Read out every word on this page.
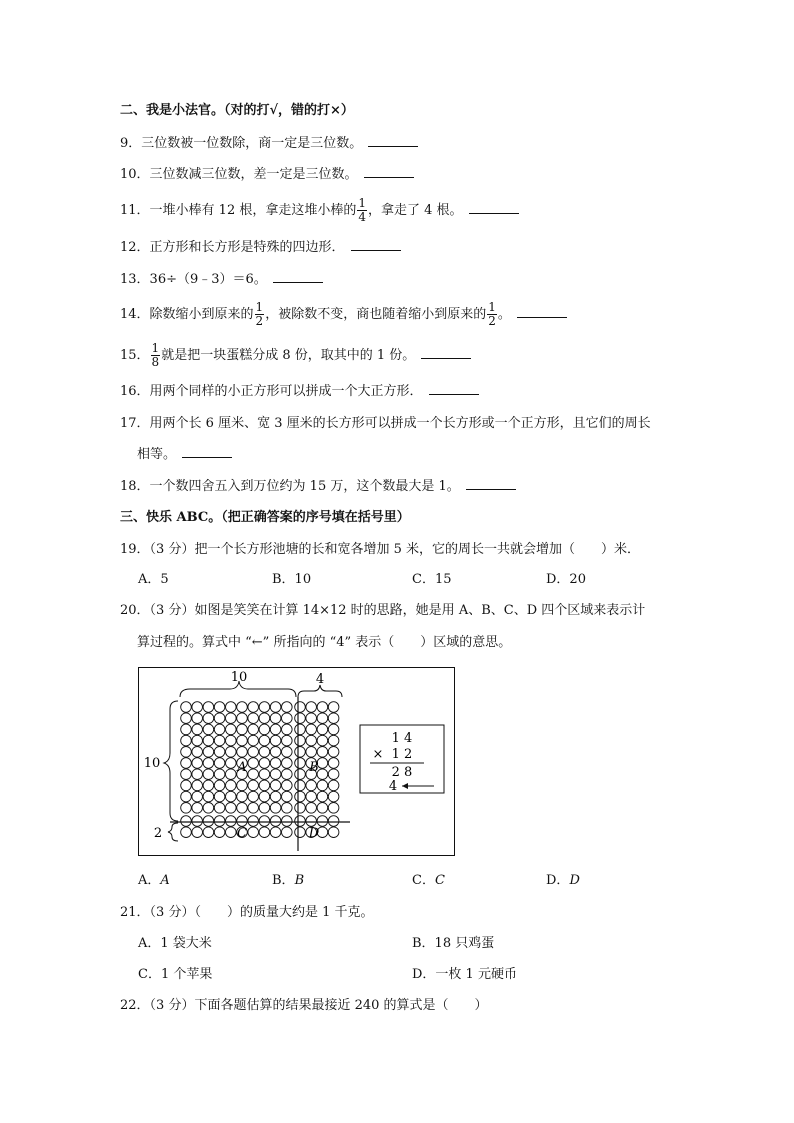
二、我是小法官。（对的打√，错的打×）
9．三位数被一位数除，商一定是三位数。
10．三位数减三位数，差一定是三位数。
11．一堆小棒有 12 根，拿走这堆小棒的 $\frac{1}{4}$ ，拿走了 4 根。
12．正方形和长方形是特殊的四边形．
13．36÷（9﹣3）＝6。
14．除数缩小到原来的 $\frac{1}{2}$ ，被除数不变，商也随着缩小到原来的 $\frac{1}{2}$ 。
15． $\frac{1}{8}$ 就是把一块蛋糕分成 8 份，取其中的 1 份。
16．用两个同样的小正方形可以拼成一个大正方形．
17．用两个长 6 厘米、宽 3 厘米的长方形可以拼成一个长方形或一个正方形，且它们的周长
相等。
18．一个数四舍五入到万位约为 15 万，这个数最大是 1。
三、快乐 ABC。（把正确答案的序号填在括号里）
19．（3 分）把一个长方形池塘的长和宽各增加 5 米，它的周长一共就会增加（　　）米．
A．5	B．10	C．15	D．20
20．（3 分）如图是笑笑在计算 14×12 时的思路，她是用 A、B、C、D 四个区域来表示计
算过程的。算式中 “←” 所指向的 “4” 表示（　　）区域的意思。
10	4
10
2
A	B
C	D
1 4
× 1 2
2 8
4
A．A	B．B	C．C	D．D
21．（3 分）（　　）的质量大约是 1 千克。
A．1 袋大米	B．18 只鸡蛋
C．1 个苹果	D．一枚 1 元硬币
22．（3 分）下面各题估算的结果最接近 240 的算式是（　　）
